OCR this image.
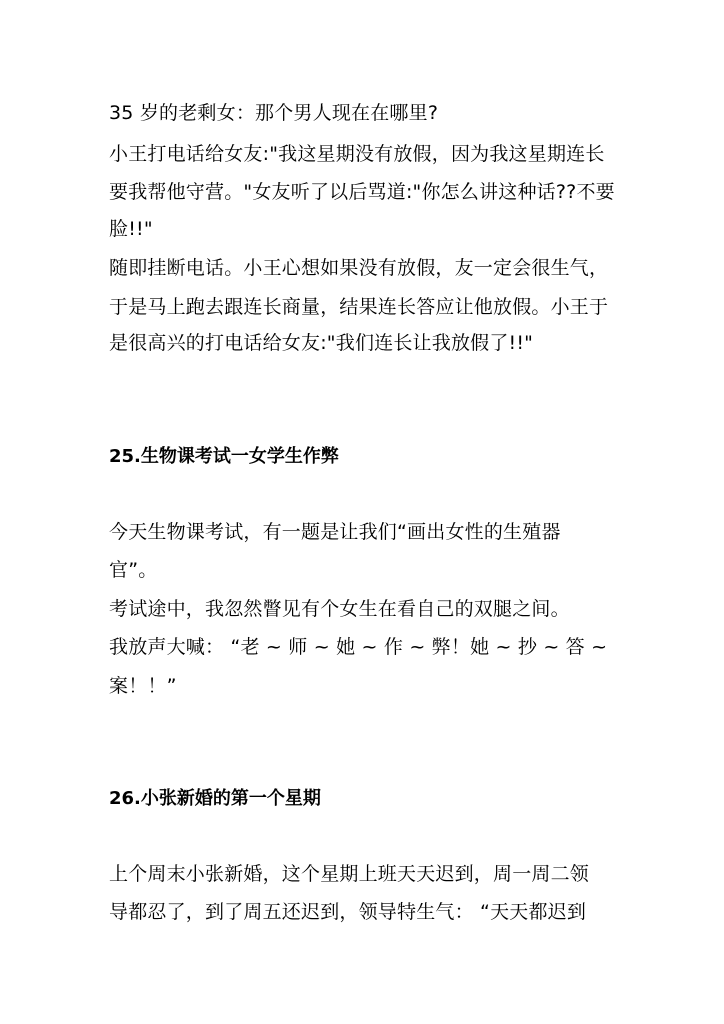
35 岁的老剩女：那个男人现在在哪里?
小王打电话给女友:"我这星期没有放假，因为我这星期连长
要我帮他守营。"女友听了以后骂道:"你怎么讲这种话??不要
脸!!"
随即挂断电话。小王心想如果没有放假，友一定会很生气，
于是马上跑去跟连长商量，结果连长答应让他放假。小王于
是很高兴的打电话给女友:"我们连长让我放假了!!"
25.生物课考试一女学生作弊
今天生物课考试，有一题是让我们“画出女性的生殖器
官”。
考试途中，我忽然瞥见有个女生在看自己的双腿之间。
我放声大喊： “老 ~ 师 ~ 她 ~ 作 ~ 弊！她 ~ 抄 ~ 答 ~
案！！”
26.小张新婚的第一个星期
上个周末小张新婚，这个星期上班天天迟到，周一周二领
导都忍了，到了周五还迟到，领导特生气： “天天都迟到
